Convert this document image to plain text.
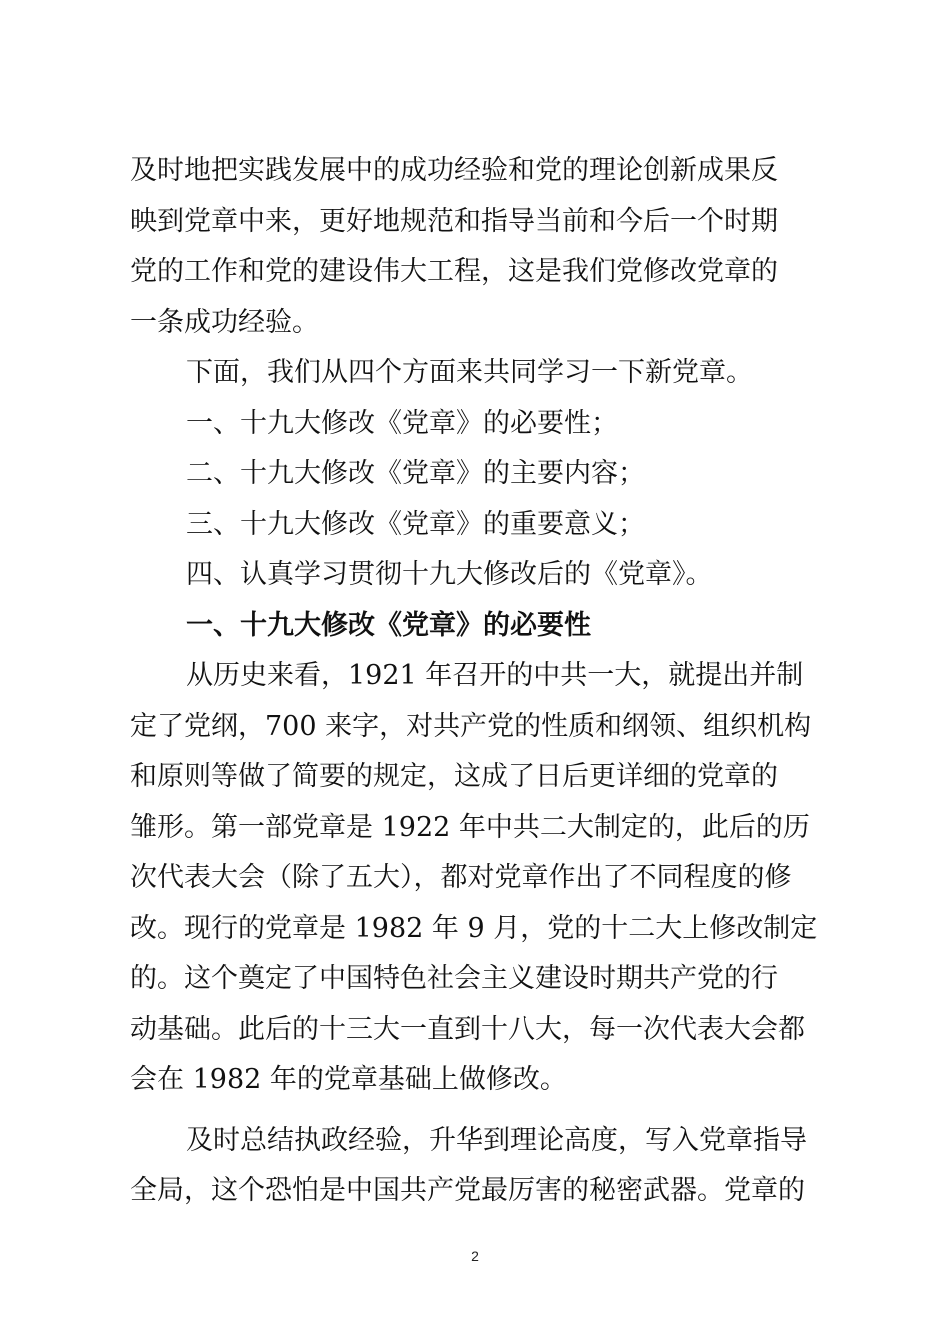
及时地把实践发展中的成功经验和党的理论创新成果反
映到党章中来，更好地规范和指导当前和今后一个时期
党的工作和党的建设伟大工程，这是我们党修改党章的
一条成功经验。
下面，我们从四个方面来共同学习一下新党章。
一、十九大修改《党章》的必要性；
二、十九大修改《党章》的主要内容；
三、十九大修改《党章》的重要意义；
四、认真学习贯彻十九大修改后的《党章》。
一、十九大修改《党章》的必要性
从历史来看，1921 年召开的中共一大，就提出并制
定了党纲，700 来字，对共产党的性质和纲领、组织机构
和原则等做了简要的规定，这成了日后更详细的党章的
雏形。第一部党章是 1922 年中共二大制定的，此后的历
次代表大会（除了五大），都对党章作出了不同程度的修
改。现行的党章是 1982 年 9 月，党的十二大上修改制定
的。这个奠定了中国特色社会主义建设时期共产党的行
动基础。此后的十三大一直到十八大，每一次代表大会都
会在 1982 年的党章基础上做修改。
及时总结执政经验，升华到理论高度，写入党章指导
全局，这个恐怕是中国共产党最厉害的秘密武器。党章的
2
